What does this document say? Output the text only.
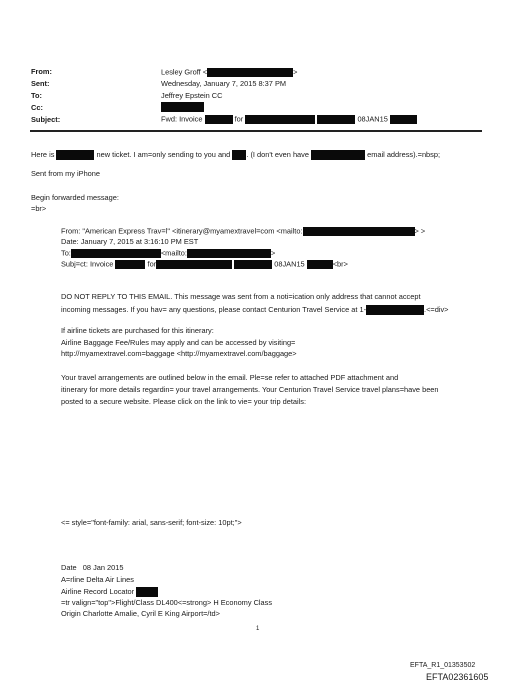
From:	Lesley Groff <	>
Sent:	Wednesday, January 7, 2015 8:37 PM
To:	Jeffrey Epstein CC
Cc:
Subject:	Fwd: Invoice	for	08JAN15
Here is	new ticket. I am=only sending to you and . (I don't even have	email address).=nbsp;
Sent from my iPhone
Begin forwarded message:
=br>
From: "American Express Trav=l" <itinerary@myamextravel=com <mailto:	> >
Date: January 7, 2015 at 3:16:10 PM EST
To:	<mailto:	>
Subj=ct: Invoice	for	08JAN15	<br>
DO NOT REPLY TO THIS EMAIL. This message was sent from a noti=ication only address that cannot accept
incoming messages. If you hav= any questions, please contact Centurion Travel Service at 1-	.<=div>
If airline tickets are purchased for this itinerary:
Airline Baggage Fee/Rules may apply and can be accessed by visiting=
http://myamextravel.com=baggage <http://myamextravel.com/baggage>
Your travel arrangements are outlined below in the email. Ple=se refer to attached PDF attachment and
itinerary for more details regardin= your travel arrangements. Your Centurion Travel Service travel plans=have been
posted to a secure website. Please click on the link to vie= your trip details:
<= style="font-family: arial, sans-serif; font-size: 10pt;">
Date 08 Jan 2015
A=rline Delta Air Lines
Airline Record Locator
=tr valign="top">Flight/Class DL400<=strong> H Economy Class
Origin Charlotte Amalie, Cyril E King Airport=/td>
1
EFTA_R1_01353502
EFTA02361605
